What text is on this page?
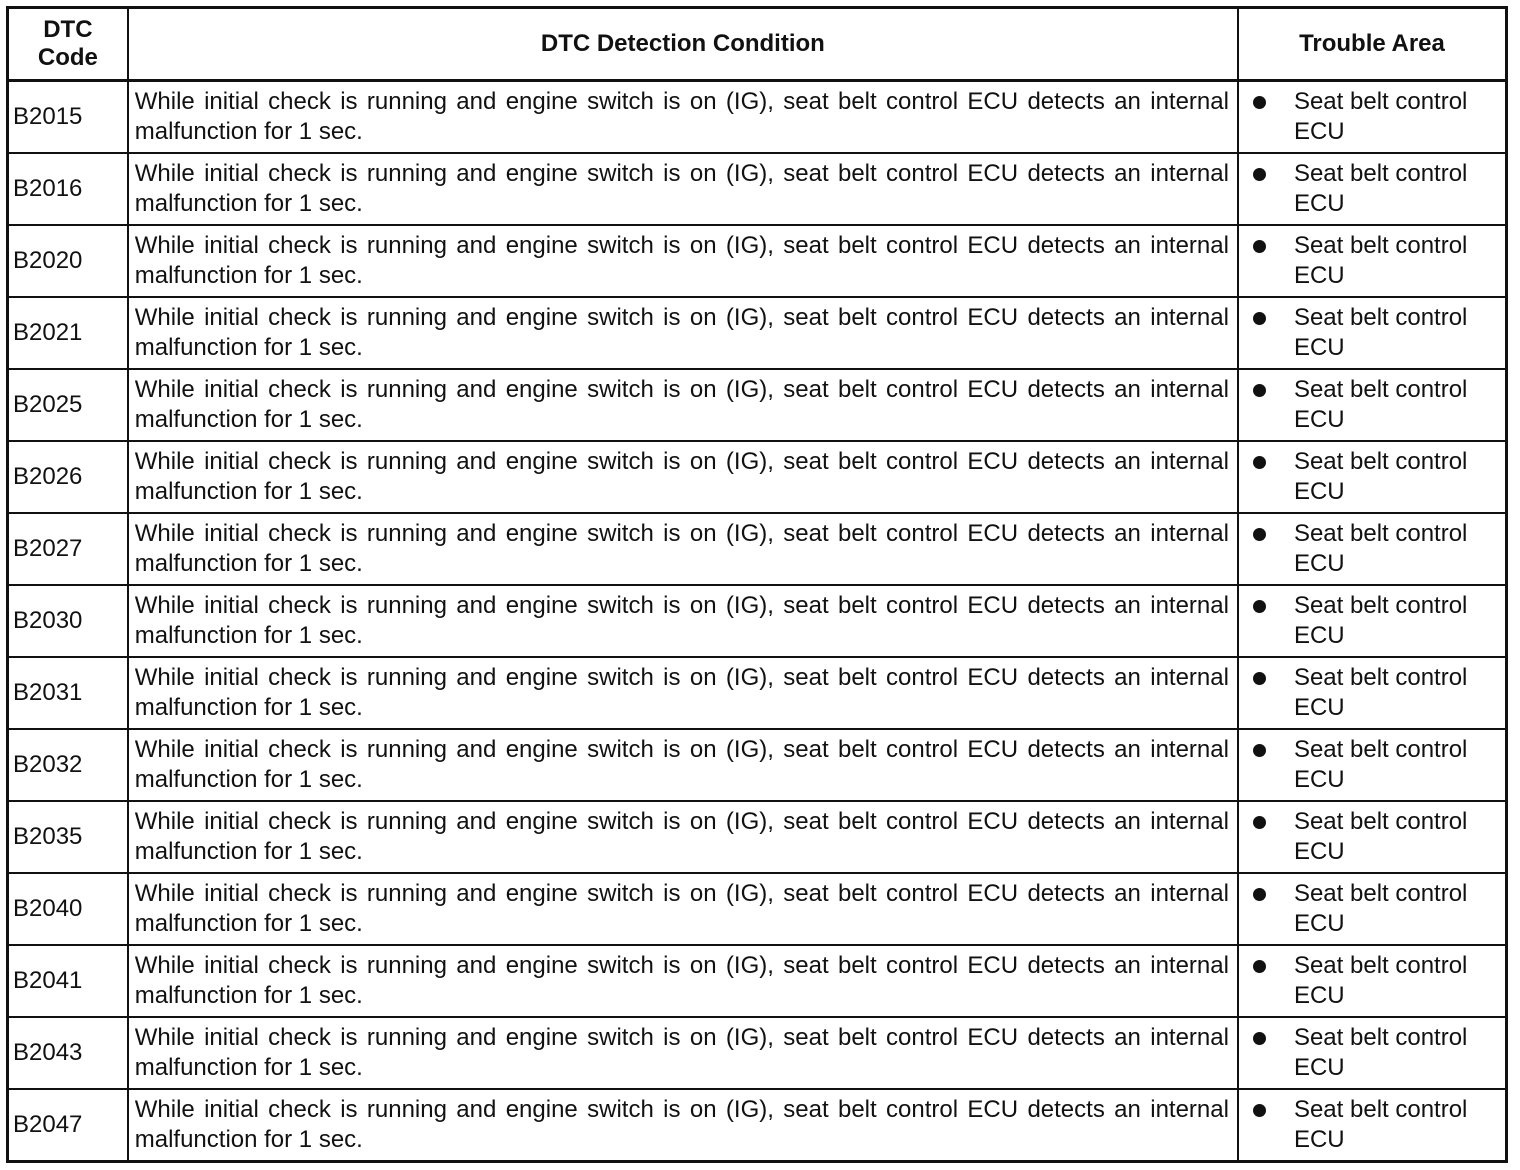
DTC
Code	DTC Detection Condition	Trouble Area
B2015	While initial check is running and engine switch is on (IG), seat belt control ECU detects an internal malfunction for 1 sec.	Seat belt control ECU

B2016	While initial check is running and engine switch is on (IG), seat belt control ECU detects an internal malfunction for 1 sec.	Seat belt control ECU

B2020	While initial check is running and engine switch is on (IG), seat belt control ECU detects an internal malfunction for 1 sec.	Seat belt control ECU

B2021	While initial check is running and engine switch is on (IG), seat belt control ECU detects an internal malfunction for 1 sec.	Seat belt control ECU

B2025	While initial check is running and engine switch is on (IG), seat belt control ECU detects an internal malfunction for 1 sec.	Seat belt control ECU

B2026	While initial check is running and engine switch is on (IG), seat belt control ECU detects an internal malfunction for 1 sec.	Seat belt control ECU

B2027	While initial check is running and engine switch is on (IG), seat belt control ECU detects an internal malfunction for 1 sec.	Seat belt control ECU

B2030	While initial check is running and engine switch is on (IG), seat belt control ECU detects an internal malfunction for 1 sec.	Seat belt control ECU

B2031	While initial check is running and engine switch is on (IG), seat belt control ECU detects an internal malfunction for 1 sec.	Seat belt control ECU

B2032	While initial check is running and engine switch is on (IG), seat belt control ECU detects an internal malfunction for 1 sec.	Seat belt control ECU

B2035	While initial check is running and engine switch is on (IG), seat belt control ECU detects an internal malfunction for 1 sec.	Seat belt control ECU

B2040	While initial check is running and engine switch is on (IG), seat belt control ECU detects an internal malfunction for 1 sec.	Seat belt control ECU

B2041	While initial check is running and engine switch is on (IG), seat belt control ECU detects an internal malfunction for 1 sec.	Seat belt control ECU

B2043	While initial check is running and engine switch is on (IG), seat belt control ECU detects an internal malfunction for 1 sec.	Seat belt control ECU

B2047	While initial check is running and engine switch is on (IG), seat belt control ECU detects an internal malfunction for 1 sec.	Seat belt control ECU
